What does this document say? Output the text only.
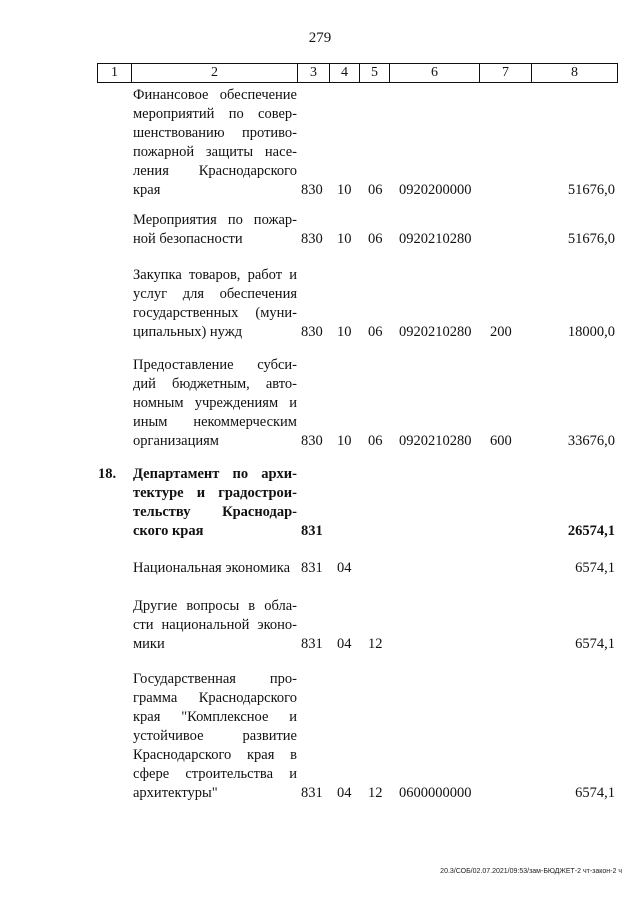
279
1	2	3	4	5	6	7	8
Финансовое обеспечение
мероприятий по совер-
шенствованию противо-
пожарной защиты насе-
ления Краснодарского
края	830 10 06 0920200000	51676,0
Мероприятия по пожар-
ной безопасности	830 10 06 0920210280	51676,0
Закупка товаров, работ и
услуг для обеспечения
государственных (муни-
ципальных) нужд	830 10 06 0920210280 200	18000,0
Предоставление субси-
дий бюджетным, авто-
номным учреждениям и
иным некоммерческим
организациям	830 10 06 0920210280 600	33676,0
18. Департамент по архи-
тектуре и градострои-
тельству Краснодар-
ского края	831	26574,1
Национальная экономика 831 04	6574,1
Другие вопросы в обла-
сти национальной эконо-
мики	831 04 12	6574,1
Государственная про-
грамма Краснодарского
края "Комплексное и
устойчивое развитие
Краснодарского края в
сфере строительства и
архитектуры"	831 04 12 0600000000	6574,1
20.3/СОБ/02.07.2021/09:53/зам-БЮДЖЕТ-2 чт-закон-2 ч
